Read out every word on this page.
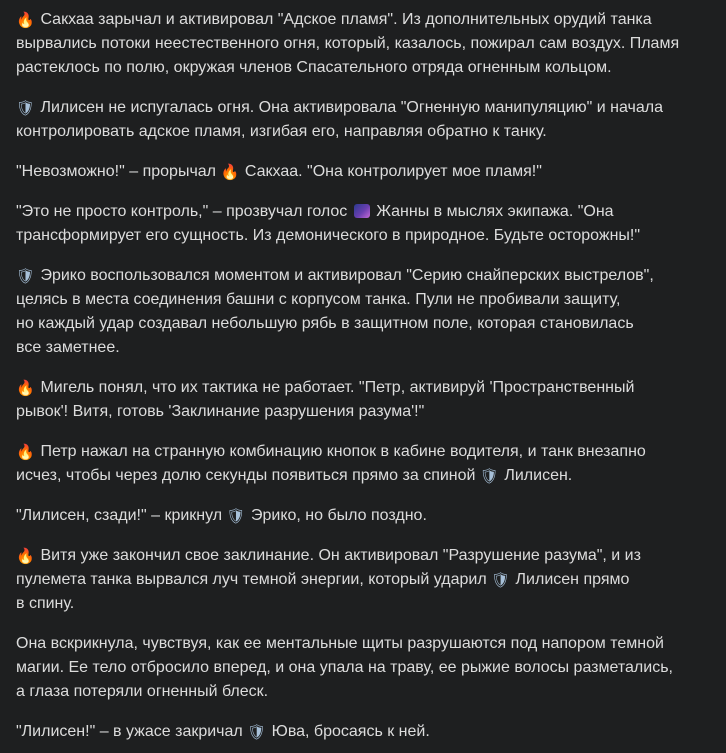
🔥 Сакхаа зарычал и активировал "Адское пламя". Из дополнительных орудий танка
вырвались потоки неестественного огня, который, казалось, пожирал сам воздух. Пламя
растеклось по полю, окружая членов Спасательного отряда огненным кольцом.

🛡 Лилисен не испугалась огня. Она активировала "Огненную манипуляцию" и начала
контролировать адское пламя, изгибая его, направляя обратно к танку.

"Невозможно!" – прорычал 🔥 Сакхаа. "Она контролирует мое пламя!"

"Это не просто контроль," – прозвучал голос  Жанны в мыслях экипажа. "Она
трансформирует его сущность. Из демонического в природное. Будьте осторожны!"

🛡 Эрико воспользовался моментом и активировал "Серию снайперских выстрелов",
целясь в места соединения башни с корпусом танка. Пули не пробивали защиту,
но каждый удар создавал небольшую рябь в защитном поле, которая становилась
все заметнее.

🔥 Мигель понял, что их тактика не работает. "Петр, активируй 'Пространственный
рывок'! Витя, готовь 'Заклинание разрушения разума'!"

🔥 Петр нажал на странную комбинацию кнопок в кабине водителя, и танк внезапно
исчез, чтобы через долю секунды появиться прямо за спиной 🛡 Лилисен.

"Лилисен, сзади!" – крикнул 🛡 Эрико, но было поздно.

🔥 Витя уже закончил свое заклинание. Он активировал "Разрушение разума", и из
пулемета танка вырвался луч темной энергии, который ударил 🛡 Лилисен прямо
в спину.

Она вскрикнула, чувствуя, как ее ментальные щиты разрушаются под напором темной
магии. Ее тело отбросило вперед, и она упала на траву, ее рыжие волосы разметались,
а глаза потеряли огненный блеск.

"Лилисен!" – в ужасе закричал 🛡 Юва, бросаясь к ней.
